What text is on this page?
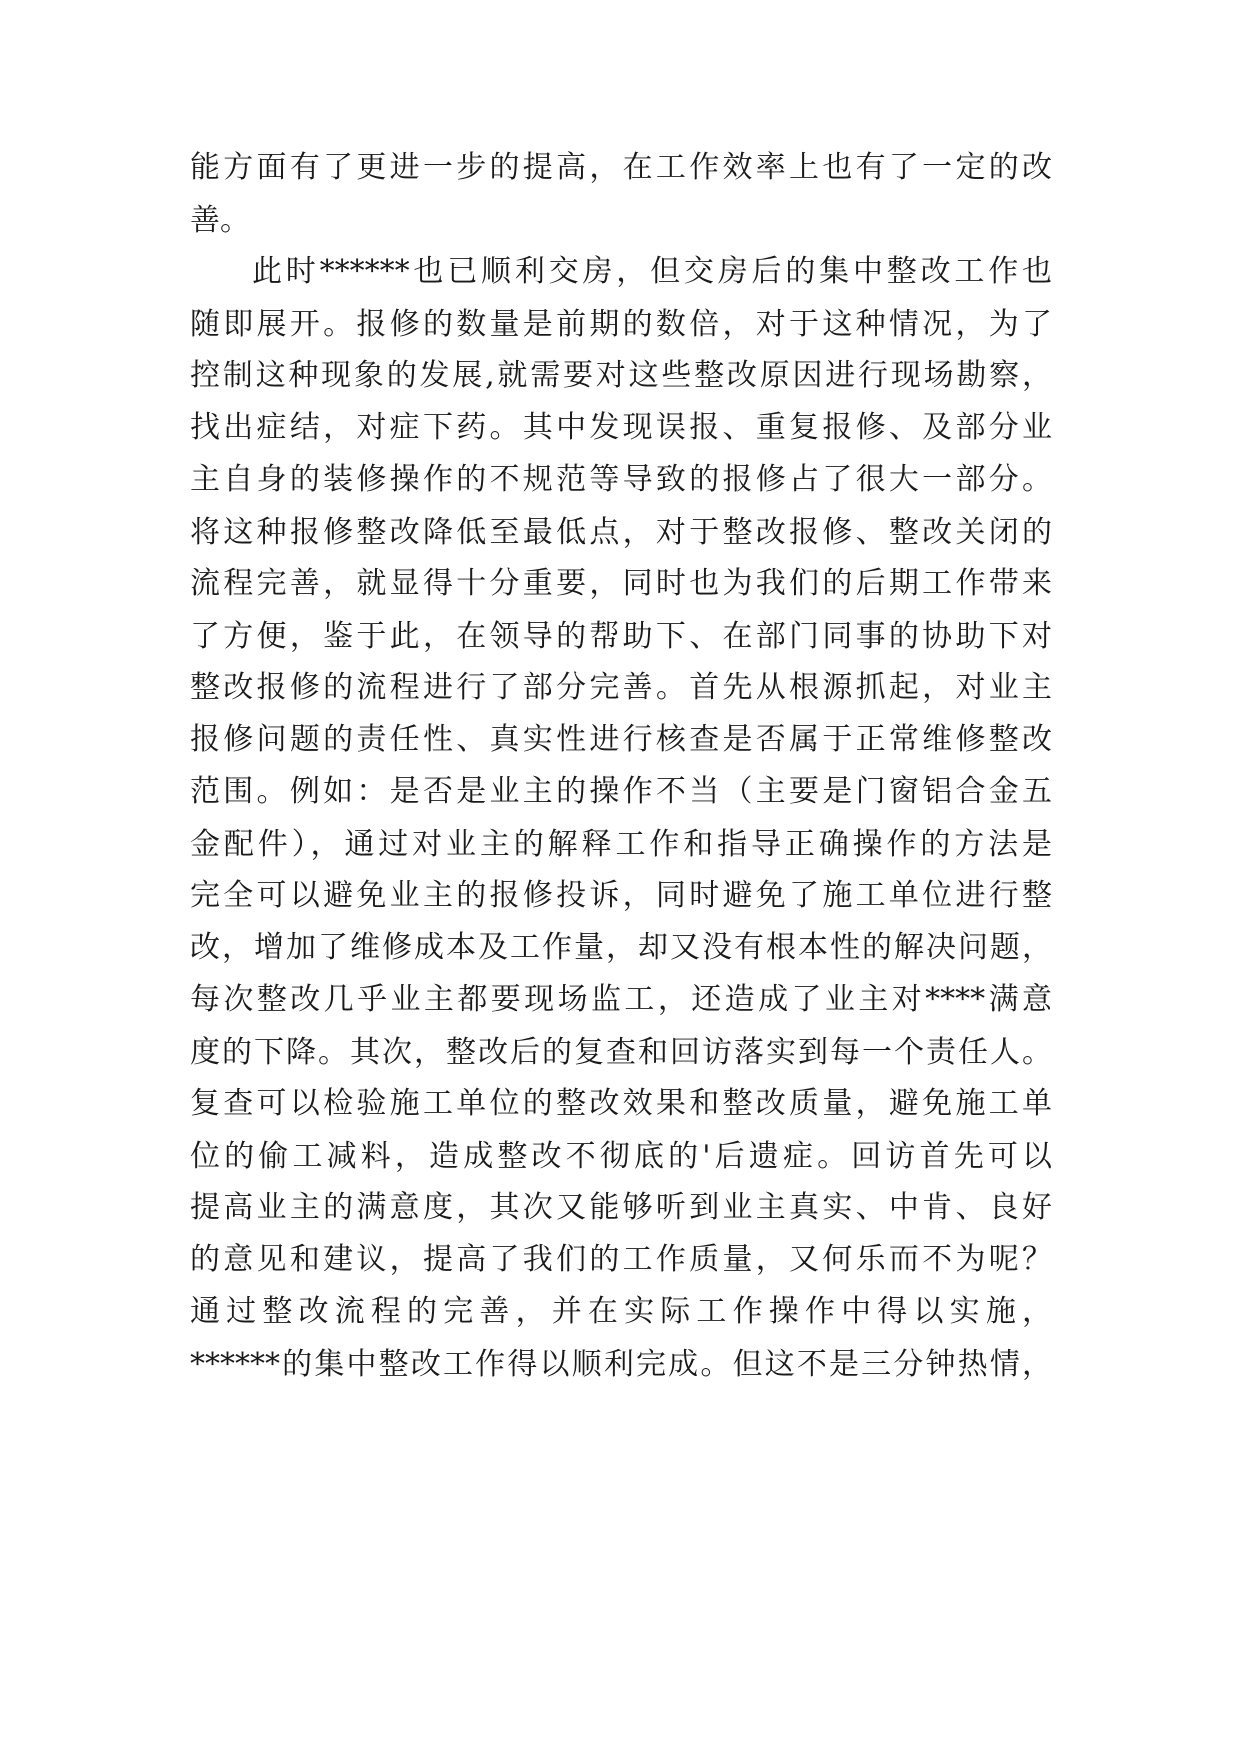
能方面有了更进一步的提高，在工作效率上也有了一定的改

善。

此时******也已顺利交房，但交房后的集中整改工作也

随即展开。报修的数量是前期的数倍，对于这种情况，为了

控制这种现象的发展,就需要对这些整改原因进行现场勘察，

找出症结，对症下药。其中发现误报、重复报修、及部分业

主自身的装修操作的不规范等导致的报修占了很大一部分。

将这种报修整改降低至最低点，对于整改报修、整改关闭的

流程完善，就显得十分重要，同时也为我们的后期工作带来

了方便，鉴于此，在领导的帮助下、在部门同事的协助下对

整改报修的流程进行了部分完善。首先从根源抓起，对业主

报修问题的责任性、真实性进行核查是否属于正常维修整改

范围。例如：是否是业主的操作不当（主要是门窗铝合金五

金配件），通过对业主的解释工作和指导正确操作的方法是

完全可以避免业主的报修投诉，同时避免了施工单位进行整

改，增加了维修成本及工作量，却又没有根本性的解决问题，

每次整改几乎业主都要现场监工，还造成了业主对****满意

度的下降。其次，整改后的复查和回访落实到每一个责任人。

复查可以检验施工单位的整改效果和整改质量，避免施工单

位的偷工减料，造成整改不彻底的'后遗症。回访首先可以

提高业主的满意度，其次又能够听到业主真实、中肯、良好

的意见和建议，提高了我们的工作质量，又何乐而不为呢？

通过整改流程的完善，并在实际工作操作中得以实施，

******的集中整改工作得以顺利完成。但这不是三分钟热情，
